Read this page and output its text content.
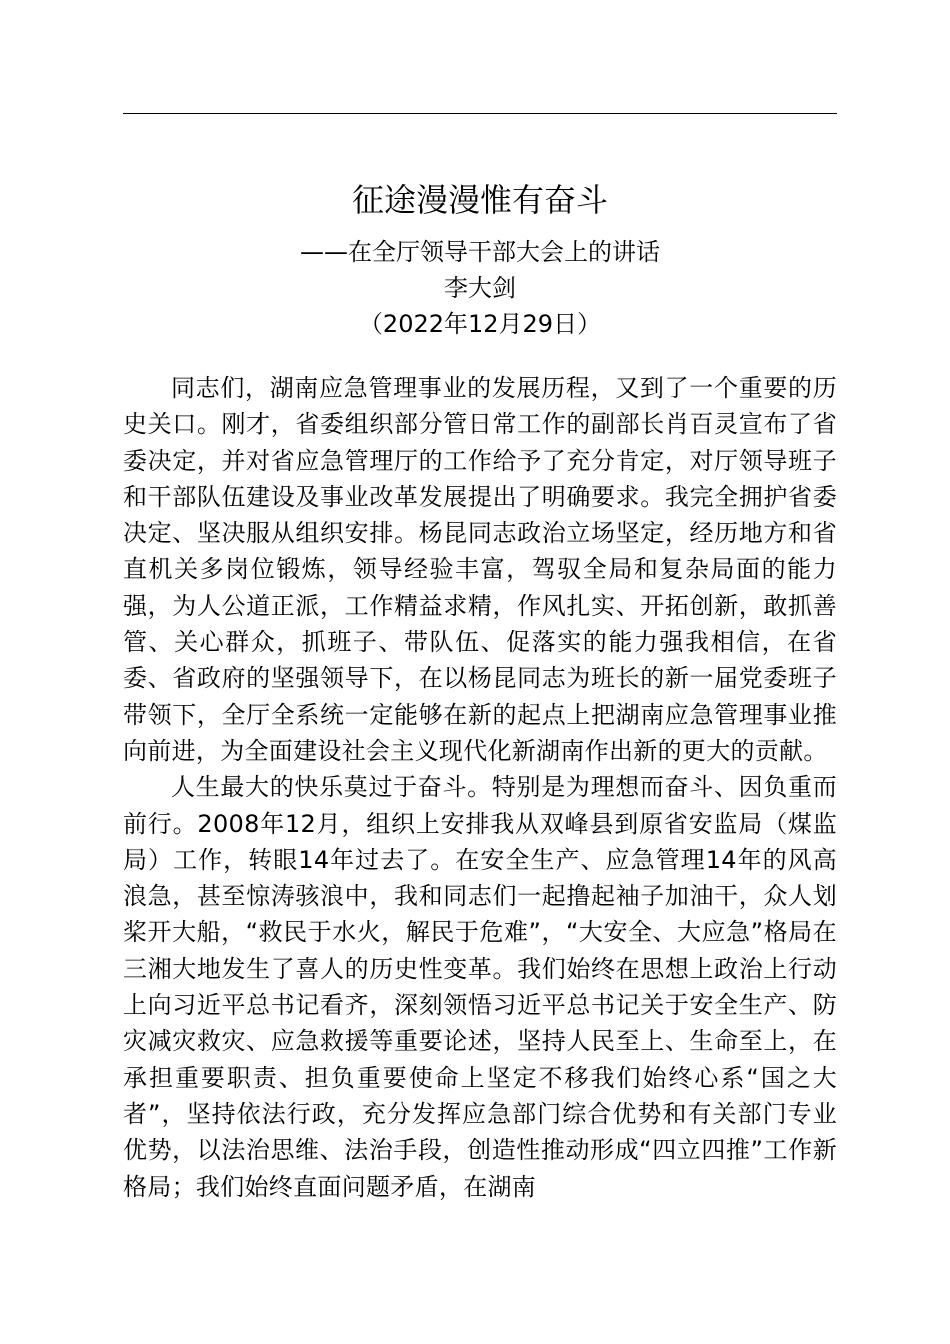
征途漫漫惟有奋斗
——在全厅领导干部大会上的讲话
李大剑
（2022年12月29日）

同志们，湖南应急管理事业的发展历程，又到了一个重要的历史关口。刚才，省委组织部分管日常工作的副部长肖百灵宣布了省委决定，并对省应急管理厅的工作给予了充分肯定，对厅领导班子和干部队伍建设及事业改革发展提出了明确要求。我完全拥护省委决定、坚决服从组织安排。杨昆同志政治立场坚定，经历地方和省直机关多岗位锻炼，领导经验丰富，驾驭全局和复杂局面的能力强，为人公道正派，工作精益求精，作风扎实、开拓创新，敢抓善管、关心群众，抓班子、带队伍、促落实的能力强我相信，在省委、省政府的坚强领导下，在以杨昆同志为班长的新一届党委班子带领下，全厅全系统一定能够在新的起点上把湖南应急管理事业推向前进，为全面建设社会主义现代化新湖南作出新的更大的贡献。

人生最大的快乐莫过于奋斗。特别是为理想而奋斗、因负重而前行。2008年12月，组织上安排我从双峰县到原省安监局（煤监局）工作，转眼14年过去了。在安全生产、应急管理14年的风高浪急，甚至惊涛骇浪中，我和同志们一起撸起袖子加油干，众人划桨开大船，“救民于水火，解民于危难”，“大安全、大应急”格局在三湘大地发生了喜人的历史性变革。我们始终在思想上政治上行动上向习近平总书记看齐，深刻领悟习近平总书记关于安全生产、防灾减灾救灾、应急救援等重要论述，坚持人民至上、生命至上，在承担重要职责、担负重要使命上坚定不移我们始终心系“国之大者”，坚持依法行政，充分发挥应急部门综合优势和有关部门专业优势，以法治思维、法治手段，创造性推动形成“四立四推”工作新格局；我们始终直面问题矛盾，在湖南
